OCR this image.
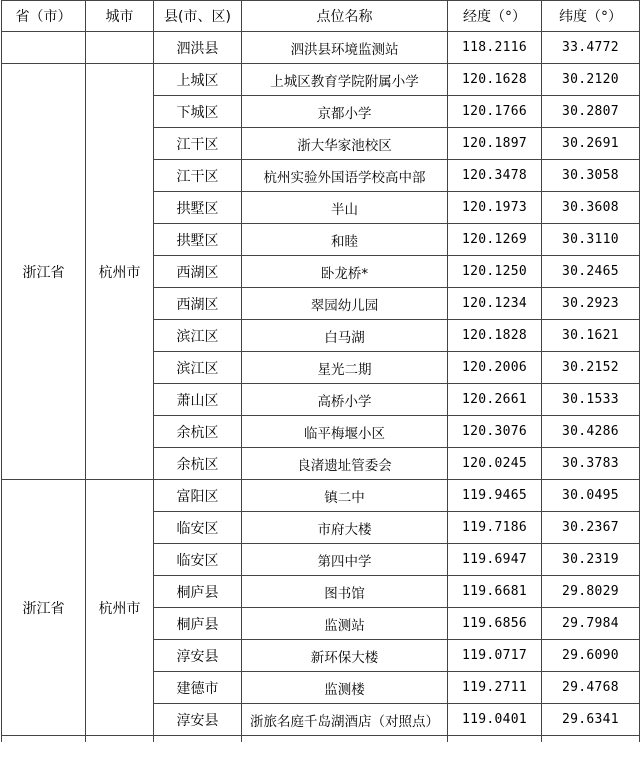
省（市）	城市	县(市、区)	点位名称	经度（°）	纬度（°）
		泗洪县	泗洪县环境监测站	118.2116	33.4772
浙江省	杭州市	上城区	上城区教育学院附属小学	120.1628	30.2120
		下城区	京都小学	120.1766	30.2807
		江干区	浙大华家池校区	120.1897	30.2691
		江干区	杭州实验外国语学校高中部	120.3478	30.3058
		拱墅区	半山	120.1973	30.3608
		拱墅区	和睦	120.1269	30.3110
		西湖区	卧龙桥*	120.1250	30.2465
		西湖区	翠园幼儿园	120.1234	30.2923
		滨江区	白马湖	120.1828	30.1621
		滨江区	星光二期	120.2006	30.2152
		萧山区	高桥小学	120.2661	30.1533
		余杭区	临平梅堰小区	120.3076	30.4286
		余杭区	良渚遗址管委会	120.0245	30.3783
浙江省	杭州市	富阳区	镇二中	119.9465	30.0495
		临安区	市府大楼	119.7186	30.2367
		临安区	第四中学	119.6947	30.2319
		桐庐县	图书馆	119.6681	29.8029
		桐庐县	监测站	119.6856	29.7984
		淳安县	新环保大楼	119.0717	29.6090
		建德市	监测楼	119.2711	29.4768
		淳安县	浙旅名庭千岛湖酒店（对照点）	119.0401	29.6341
